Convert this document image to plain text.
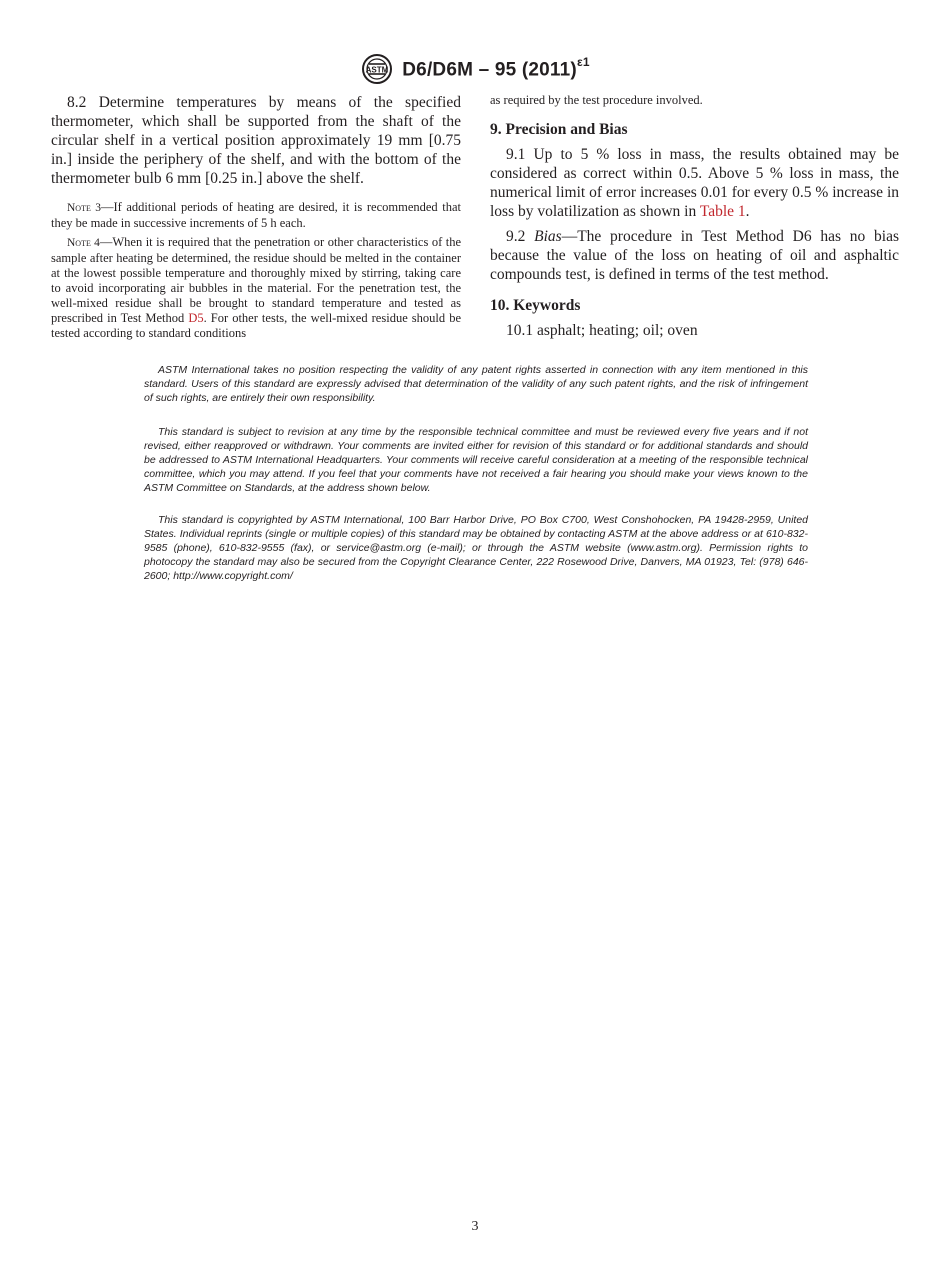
ASTM D6/D6M – 95 $(2011)^{\varepsilon 1}$

8.2 Determine temperatures by means of the specified thermometer, which shall be supported from the shaft of the circular shelf in a vertical position approximately 19 mm [0.75 in.] inside the periphery of the shelf, and with the bottom of the thermometer bulb 6 mm [0.25 in.] above the shelf.

Note 3—If additional periods of heating are desired, it is recommended that they be made in successive increments of 5 h each.

Note 4—When it is required that the penetration or other characteristics of the sample after heating be determined, the residue should be melted in the container at the lowest possible temperature and thoroughly mixed by stirring, taking care to avoid incorporating air bubbles in the material. For the penetration test, the well-mixed residue shall be brought to standard temperature and tested as prescribed in Test Method D5. For other tests, the well-mixed residue should be tested according to standard conditions

as required by the test procedure involved.

9. Precision and Bias

9.1 Up to 5 % loss in mass, the results obtained may be considered as correct within 0.5. Above 5 % loss in mass, the numerical limit of error increases 0.01 for every 0.5 % increase in loss by volatilization as shown in Table 1.

9.2 Bias—The procedure in Test Method D6 has no bias because the value of the loss on heating of oil and asphaltic compounds test, is defined in terms of the test method.

10. Keywords

10.1 asphalt; heating; oil; oven

ASTM International takes no position respecting the validity of any patent rights asserted in connection with any item mentioned in this standard. Users of this standard are expressly advised that determination of the validity of any such patent rights, and the risk of infringement of such rights, are entirely their own responsibility.

This standard is subject to revision at any time by the responsible technical committee and must be reviewed every five years and if not revised, either reapproved or withdrawn. Your comments are invited either for revision of this standard or for additional standards and should be addressed to ASTM International Headquarters. Your comments will receive careful consideration at a meeting of the responsible technical committee, which you may attend. If you feel that your comments have not received a fair hearing you should make your views known to the ASTM Committee on Standards, at the address shown below.

This standard is copyrighted by ASTM International, 100 Barr Harbor Drive, PO Box C700, West Conshohocken, PA 19428-2959, United States. Individual reprints (single or multiple copies) of this standard may be obtained by contacting ASTM at the above address or at 610-832-9585 (phone), 610-832-9555 (fax), or service@astm.org (e-mail); or through the ASTM website (www.astm.org). Permission rights to photocopy the standard may also be secured from the Copyright Clearance Center, 222 Rosewood Drive, Danvers, MA 01923, Tel: (978) 646-2600; http://www.copyright.com/

3
